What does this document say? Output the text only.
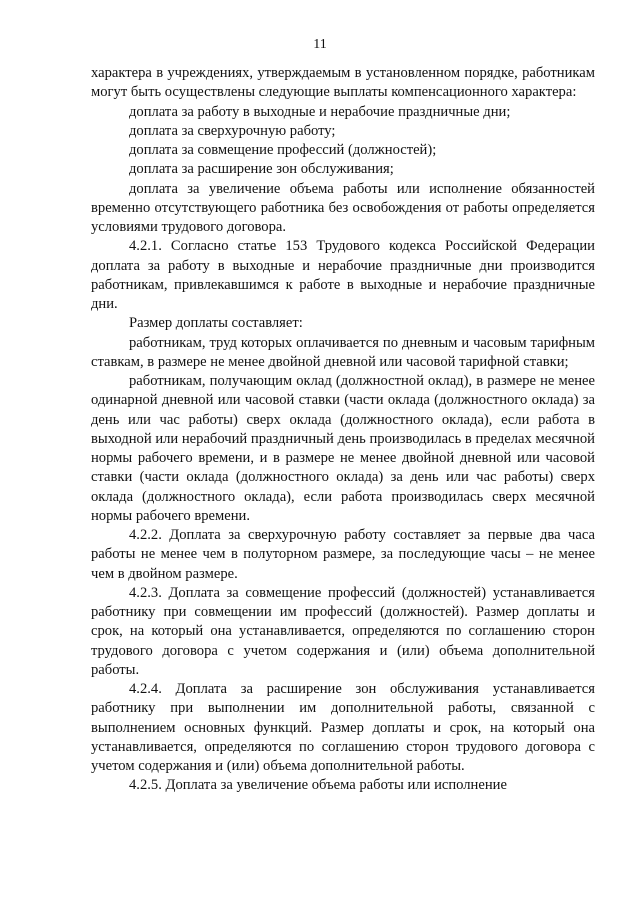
11

характера в учреждениях, утверждаемым в установленном порядке, работникам могут быть осуществлены следующие выплаты компенсационного характера:

доплата за работу в выходные и нерабочие праздничные дни;

доплата за сверхурочную работу;

доплата за совмещение профессий (должностей);

доплата за расширение зон обслуживания;

доплата за увеличение объема работы или исполнение обязанностей временно отсутствующего работника без освобождения от работы определяется условиями трудового договора.

4.2.1. Согласно статье 153 Трудового кодекса Российской Федерации доплата за работу в выходные и нерабочие праздничные дни производится работникам, привлекавшимся к работе в выходные и нерабочие праздничные дни.

Размер доплаты составляет:

работникам, труд которых оплачивается по дневным и часовым тарифным ставкам, в размере не менее двойной дневной или часовой тарифной ставки;

работникам, получающим оклад (должностной оклад), в размере не менее одинарной дневной или часовой ставки (части оклада (должностного оклада) за день или час работы) сверх оклада (должностного оклада), если работа в выходной или нерабочий праздничный день производилась в пределах месячной нормы рабочего времени, и в размере не менее двойной дневной или часовой ставки (части оклада (должностного оклада) за день или час работы) сверх оклада (должностного оклада), если работа производилась сверх месячной нормы рабочего времени.

4.2.2. Доплата за сверхурочную работу составляет за первые два часа работы не менее чем в полуторном размере, за последующие часы – не менее чем в двойном размере.

4.2.3. Доплата за совмещение профессий (должностей) устанавливается работнику при совмещении им профессий (должностей). Размер доплаты и срок, на который она устанавливается, определяются по соглашению сторон трудового договора с учетом содержания и (или) объема дополнительной работы.

4.2.4. Доплата за расширение зон обслуживания устанавливается работнику при выполнении им дополнительной работы, связанной с выполнением основных функций. Размер доплаты и срок, на который она устанавливается, определяются по соглашению сторон трудового договора с учетом содержания и (или) объема дополнительной работы.

4.2.5. Доплата за увеличение объема работы или исполнение
